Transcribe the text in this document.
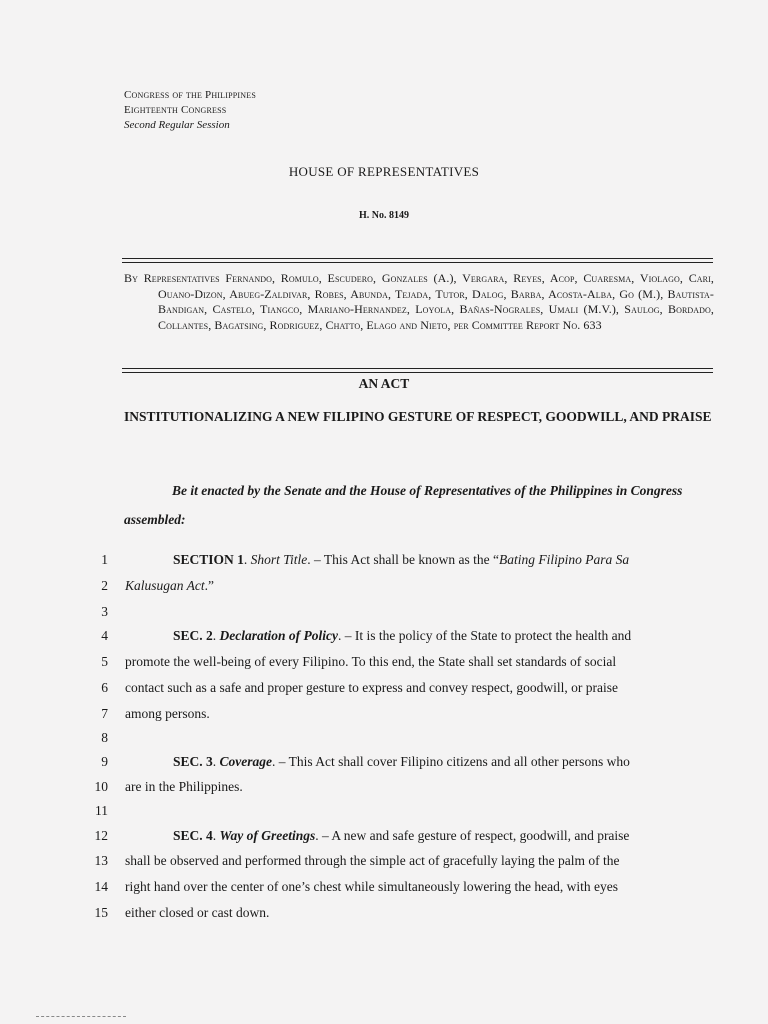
Congress of the Philippines
Eighteenth Congress
Second Regular Session
HOUSE OF REPRESENTATIVES
H. No. 8149
By Representatives Fernando, Romulo, Escudero, Gonzales (A.), Vergara, Reyes, Acop, Cuaresma, Violago, Cari, Ouano-Dizon, Abueg-Zaldivar, Robes, Abunda, Tejada, Tutor, Dalog, Barba, Acosta-Alba, Go (M.), Bautista-Bandigan, Castelo, Tiangco, Mariano-Hernandez, Loyola, Bañas-Nograles, Umali (M.V.), Saulog, Bordado, Collantes, Bagatsing, Rodriguez, Chatto, Elago and Nieto, per Committee Report No. 633
AN ACT
INSTITUTIONALIZING A NEW FILIPINO GESTURE OF RESPECT, GOODWILL, AND PRAISE
Be it enacted by the Senate and the House of Representatives of the Philippines in Congress assembled:
1	SECTION 1. Short Title. – This Act shall be known as the “Bating Filipino Para Sa
2 Kalusugan Act.”
3
4	SEC. 2. Declaration of Policy. – It is the policy of the State to protect the health and
5 promote the well-being of every Filipino. To this end, the State shall set standards of social
6 contact such as a safe and proper gesture to express and convey respect, goodwill, or praise
7 among persons.
8
9	SEC. 3. Coverage. – This Act shall cover Filipino citizens and all other persons who
10 are in the Philippines.
11
12	SEC. 4. Way of Greetings. – A new and safe gesture of respect, goodwill, and praise
13 shall be observed and performed through the simple act of gracefully laying the palm of the
14 right hand over the center of one’s chest while simultaneously lowering the head, with eyes
15 either closed or cast down.
